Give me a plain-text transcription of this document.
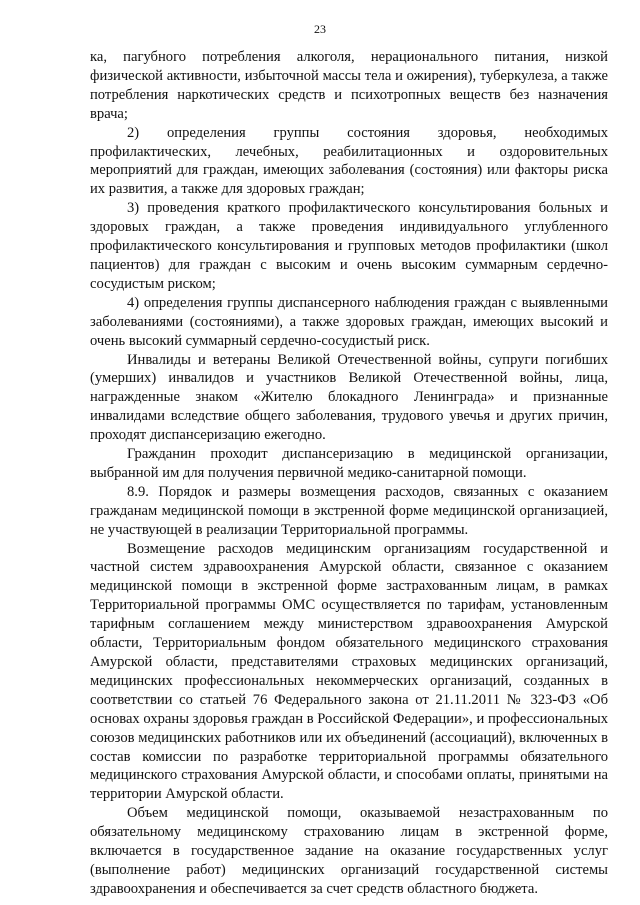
23

ка, пагубного потребления алкоголя, нерационального питания, низкой физической активности, избыточной массы тела и ожирения), туберкулеза, а также потребления наркотических средств и психотропных веществ без назначения врача;

2) определения группы состояния здоровья, необходимых профилактических, лечебных, реабилитационных и оздоровительных мероприятий для граждан, имеющих заболевания (состояния) или факторы риска их развития, а также для здоровых граждан;

3) проведения краткого профилактического консультирования больных и здоровых граждан, а также проведения индивидуального углубленного профилактического консультирования и групповых методов профилактики (школ пациентов) для граждан с высоким и очень высоким суммарным сердечно-сосудистым риском;

4) определения группы диспансерного наблюдения граждан с выявленными заболеваниями (состояниями), а также здоровых граждан, имеющих высокий и очень высокий суммарный сердечно-сосудистый риск.

Инвалиды и ветераны Великой Отечественной войны, супруги погибших (умерших) инвалидов и участников Великой Отечественной войны, лица, награжденные знаком «Жителю блокадного Ленинграда» и признанные инвалидами вследствие общего заболевания, трудового увечья и других причин, проходят диспансеризацию ежегодно.

Гражданин проходит диспансеризацию в медицинской организации, выбранной им для получения первичной медико-санитарной помощи.

8.9. Порядок и размеры возмещения расходов, связанных с оказанием гражданам медицинской помощи в экстренной форме медицинской организацией, не участвующей в реализации Территориальной программы.

Возмещение расходов медицинским организациям государственной и частной систем здравоохранения Амурской области, связанное с оказанием медицинской помощи в экстренной форме застрахованным лицам, в рамках Территориальной программы ОМС осуществляется по тарифам, установленным тарифным соглашением между министерством здравоохранения Амурской области, Территориальным фондом обязательного медицинского страхования Амурской области, представителями страховых медицинских организаций, медицинских профессиональных некоммерческих организаций, созданных в соответствии со статьей 76 Федерального закона от 21.11.2011 № 323-ФЗ «Об основах охраны здоровья граждан в Российской Федерации», и профессиональных союзов медицинских работников или их объединений (ассоциаций), включенных в состав комиссии по разработке территориальной программы обязательного медицинского страхования Амурской области, и способами оплаты, принятыми на территории Амурской области.

Объем медицинской помощи, оказываемой незастрахованным по обязательному медицинскому страхованию лицам в экстренной форме, включается в государственное задание на оказание государственных услуг (выполнение работ) медицинских организаций государственной системы здравоохранения и обеспечивается за счет средств областного бюджета.
